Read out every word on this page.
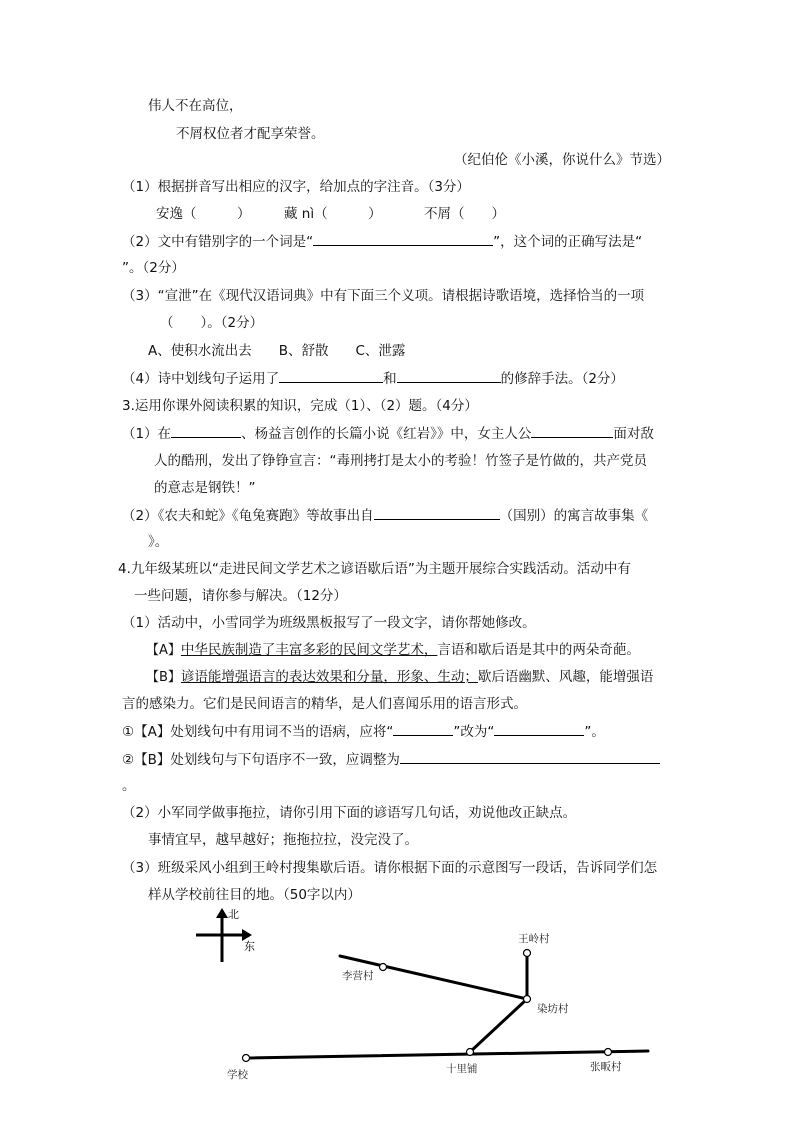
伟人不在高位，
不屑权位者才配享荣誉。
（纪伯伦《小溪，你说什么》节选）
（1）根据拼音写出相应的汉字，给加点的字注音。（3分）
安逸（　　　） 藏 nì（　　　）	不屑（　　）
（2）文中有错别字的一个词是“	”，这个词的正确写法是“
”。（2分）
（3）“宣泄”在《现代汉语词典》中有下面三个义项。请根据诗歌语境，选择恰当的一项
（　　）。（2分）
A、使积水流出去　　B、舒散　　C、泄露
（4）诗中划线句子运用了	和	的修辞手法。（2分）
3.运用你课外阅读积累的知识，完成（1）、（2）题。（4分）
（1）在	、杨益言创作的长篇小说《红岩》》中，女主人公	面对敌
人的酷刑，发出了铮铮宣言：“毒刑拷打是太小的考验！竹签子是竹做的，共产党员
的意志是钢铁！”
（2）《农夫和蛇》《龟兔赛跑》等故事出自	（国别）的寓言故事集《
》。
4.九年级某班以“走进民间文学艺术之谚语歇后语”为主题开展综合实践活动。活动中有
一些问题，请你参与解决。（12分）
（1）活动中，小雪同学为班级黑板报写了一段文字，请你帮她修改。
【A】中华民族制造了丰富多彩的民间文学艺术，言语和歇后语是其中的两朵奇葩。
【B】谚语能增强语言的表达效果和分量，形象、生动；歇后语幽默、风趣，能增强语
言的感染力。它们是民间语言的精华，是人们喜闻乐用的语言形式。
①【A】处划线句中有用词不当的语病，应将“	”改为“	”。
②【B】处划线句与下句语序不一致，应调整为
。
（2）小军同学做事拖拉，请你引用下面的谚语写几句话，劝说他改正缺点。
事情宜早，越早越好；拖拖拉拉，没完没了。
（3）班级采风小组到王岭村搜集歇后语。请你根据下面的示意图写一段话，告诉同学们怎
样从学校前往目的地。（50字以内）
北
东
王岭村
李营村
染坊村
学校	十里铺	张畈村
